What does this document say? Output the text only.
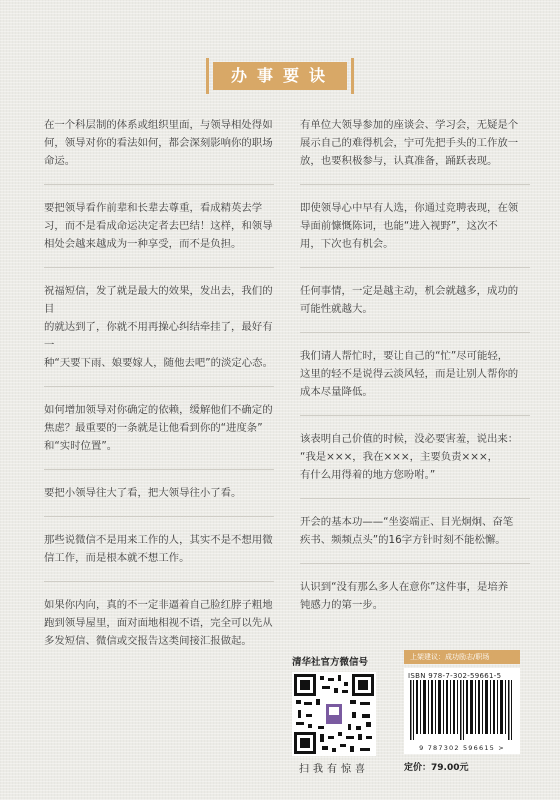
办事要诀
在一个科层制的体系或组织里面，与领导相处得如
何，领导对你的看法如何，都会深刻影响你的职场
命运。
要把领导看作前辈和长辈去尊重，看成精英去学
习，而不是看成命运决定者去巴结！这样，和领导
相处会越来越成为一种享受，而不是负担。
祝福短信，发了就是最大的效果，发出去，我们的目
的就达到了，你就不用再操心纠结牵挂了，最好有一
种“天要下雨、娘要嫁人，随他去吧”的淡定心态。
如何增加领导对你确定的依赖，缓解他们不确定的
焦虑？最重要的一条就是让他看到你的“进度条”
和“实时位置”。
要把小领导往大了看，把大领导往小了看。
那些说微信不是用来工作的人，其实不是不想用微
信工作，而是根本就不想工作。
如果你内向，真的不一定非逼着自己脸红脖子粗地
跑到领导屋里，面对面地相视不语，完全可以先从
多发短信、微信或交报告这类间接汇报做起。
有单位大领导参加的座谈会、学习会，无疑是个
展示自己的难得机会，宁可先把手头的工作放一
放，也要积极参与，认真准备，踊跃表现。
即使领导心中早有人选，你通过竞聘表现，在领
导面前慷慨陈词，也能“进入视野”，这次不
用，下次也有机会。
任何事情，一定是越主动，机会就越多，成功的
可能性就越大。
我们请人帮忙时，要让自己的“忙”尽可能轻，
这里的轻不是说得云淡风轻，而是让别人帮你的
成本尽量降低。
该表明自己价值的时候，没必要害羞，说出来：
“我是×××，我在×××，主要负责×××，
有什么用得着的地方您吩咐。”
开会的基本功——“坐姿端正、目光炯炯、奋笔
疾书、频频点头”的16字方针时刻不能松懈。
认识到“没有那么多人在意你”这件事，是培养
钝感力的第一步。
清华社官方微信号
扫我有惊喜
上架建议：成功励志/职场
ISBN 978-7-302-59661-5
9 787302 596615 >
定价：79.00元
